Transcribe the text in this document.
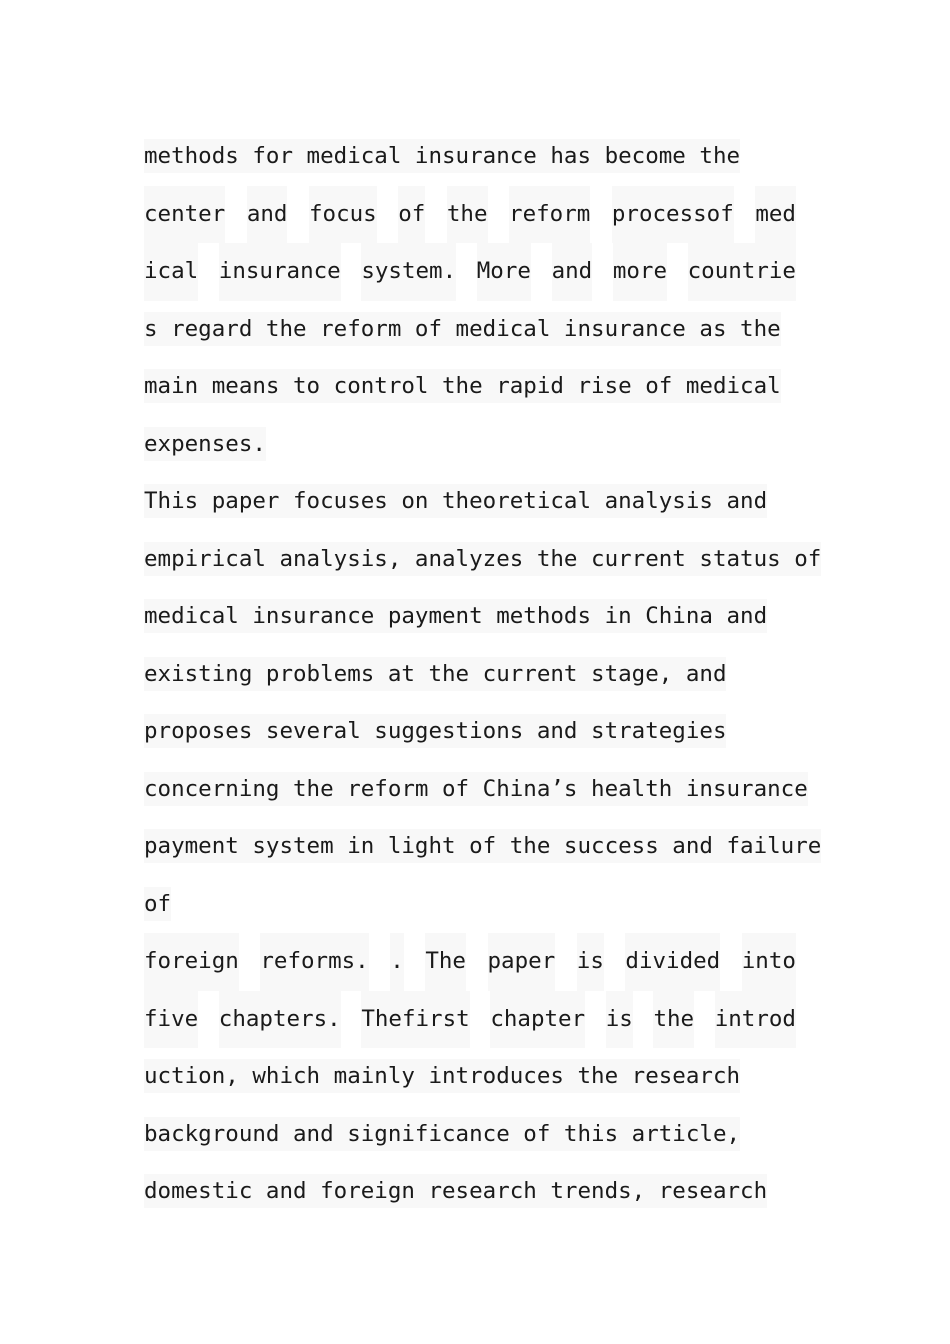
methods for medical insurance has become the
center and focus of the reform processof med
ical insurance system. More and more countrie
s regard the reform of medical insurance as the
main means to control the rapid rise of medical
expenses.
This paper focuses on theoretical analysis and
empirical analysis, analyzes the current status of
medical insurance payment methods in China and
existing problems at the current stage, and
proposes several suggestions and strategies
concerning the reform of China’s health insurance
payment system in light of the success and failure
of
foreign reforms. . The paper is divided into
five chapters. Thefirst chapter is the introd
uction, which mainly introduces the research
background and significance of this article,
domestic and foreign research trends, research
